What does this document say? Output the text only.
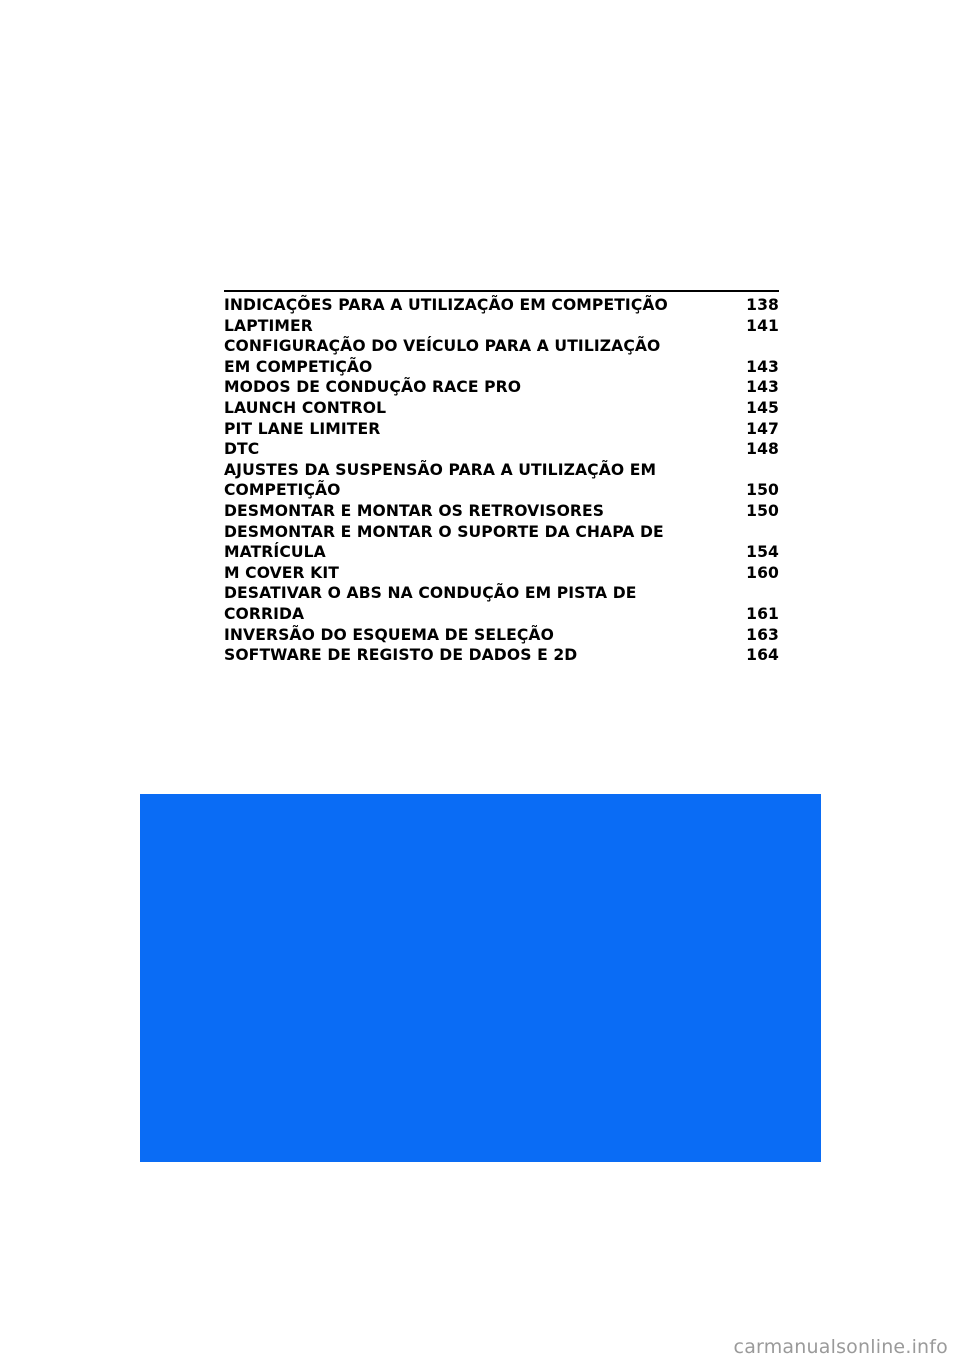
INDICAÇÕES PARA A UTILIZAÇÃO EM COMPETIÇÃO	138
LAPTIMER	141
CONFIGURAÇÃO DO VEÍCULO PARA A UTILIZAÇÃO
EM COMPETIÇÃO	143
MODOS DE CONDUÇÃO RACE PRO	143
LAUNCH CONTROL	145
PIT LANE LIMITER	147
DTC	148
AJUSTES DA SUSPENSÃO PARA A UTILIZAÇÃO EM
COMPETIÇÃO	150
DESMONTAR E MONTAR OS RETROVISORES	150
DESMONTAR E MONTAR O SUPORTE DA CHAPA DE
MATRÍCULA	154
M COVER KIT	160
DESATIVAR O ABS NA CONDUÇÃO EM PISTA DE
CORRIDA	161
INVERSÃO DO ESQUEMA DE SELEÇÃO	163
SOFTWARE DE REGISTO DE DADOS E 2D	164
carmanualsonline.info
